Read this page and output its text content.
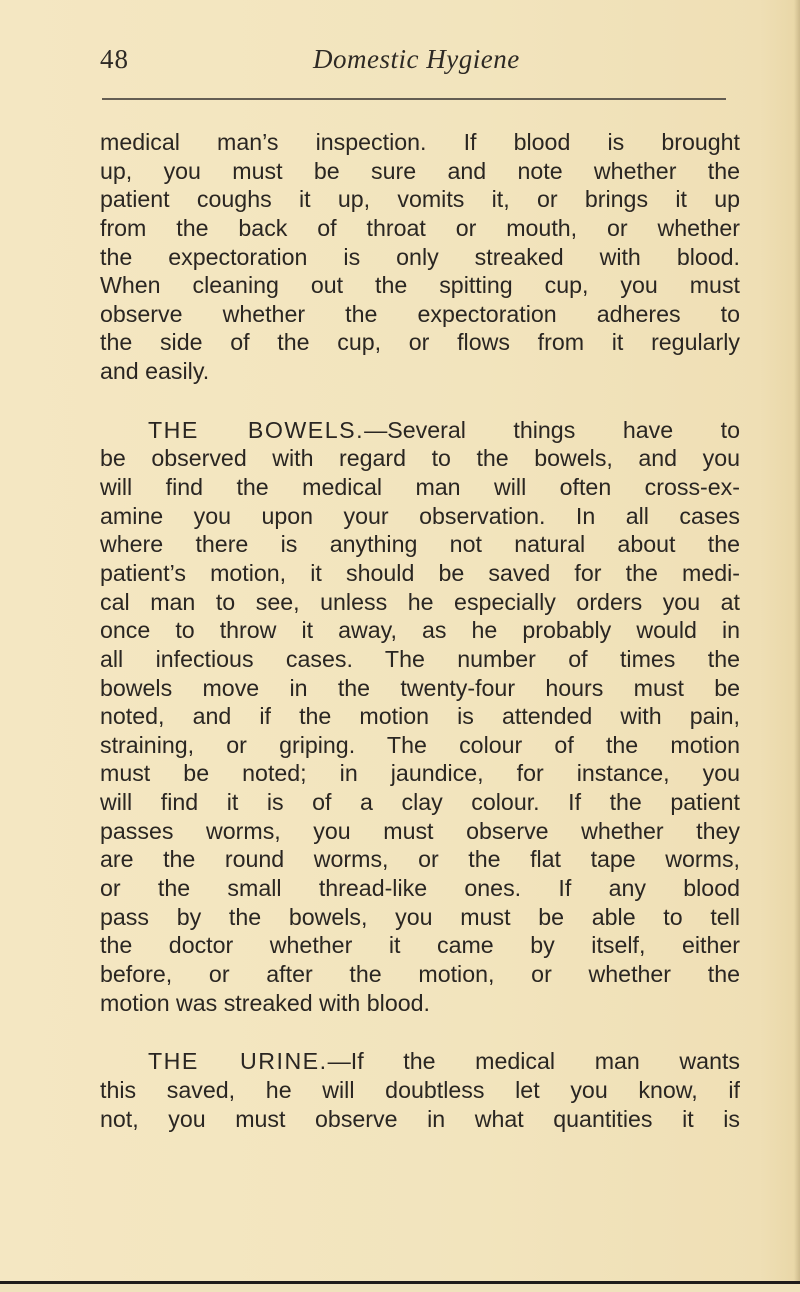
48	Domestic Hygiene
medical man’s inspection. If blood is brought
up, you must be sure and note whether the
patient coughs it up, vomits it, or brings it up
from the back of throat or mouth, or whether
the expectoration is only streaked with blood.
When cleaning out the spitting cup, you must
observe whether the expectoration adheres to
the side of the cup, or flows from it regularly
and easily.
THE BOWELS.—Several things have to
be observed with regard to the bowels, and you
will find the medical man will often cross-ex-
amine you upon your observation. In all cases
where there is anything not natural about the
patient’s motion, it should be saved for the medi-
cal man to see, unless he especially orders you at
once to throw it away, as he probably would in
all infectious cases. The number of times the
bowels move in the twenty-four hours must be
noted, and if the motion is attended with pain,
straining, or griping. The colour of the motion
must be noted; in jaundice, for instance, you
will find it is of a clay colour. If the patient
passes worms, you must observe whether they
are the round worms, or the flat tape worms,
or the small thread-like ones. If any blood
pass by the bowels, you must be able to tell
the doctor whether it came by itself, either
before, or after the motion, or whether the
motion was streaked with blood.
THE URINE.—If the medical man wants
this saved, he will doubtless let you know, if
not, you must observe in what quantities it is
